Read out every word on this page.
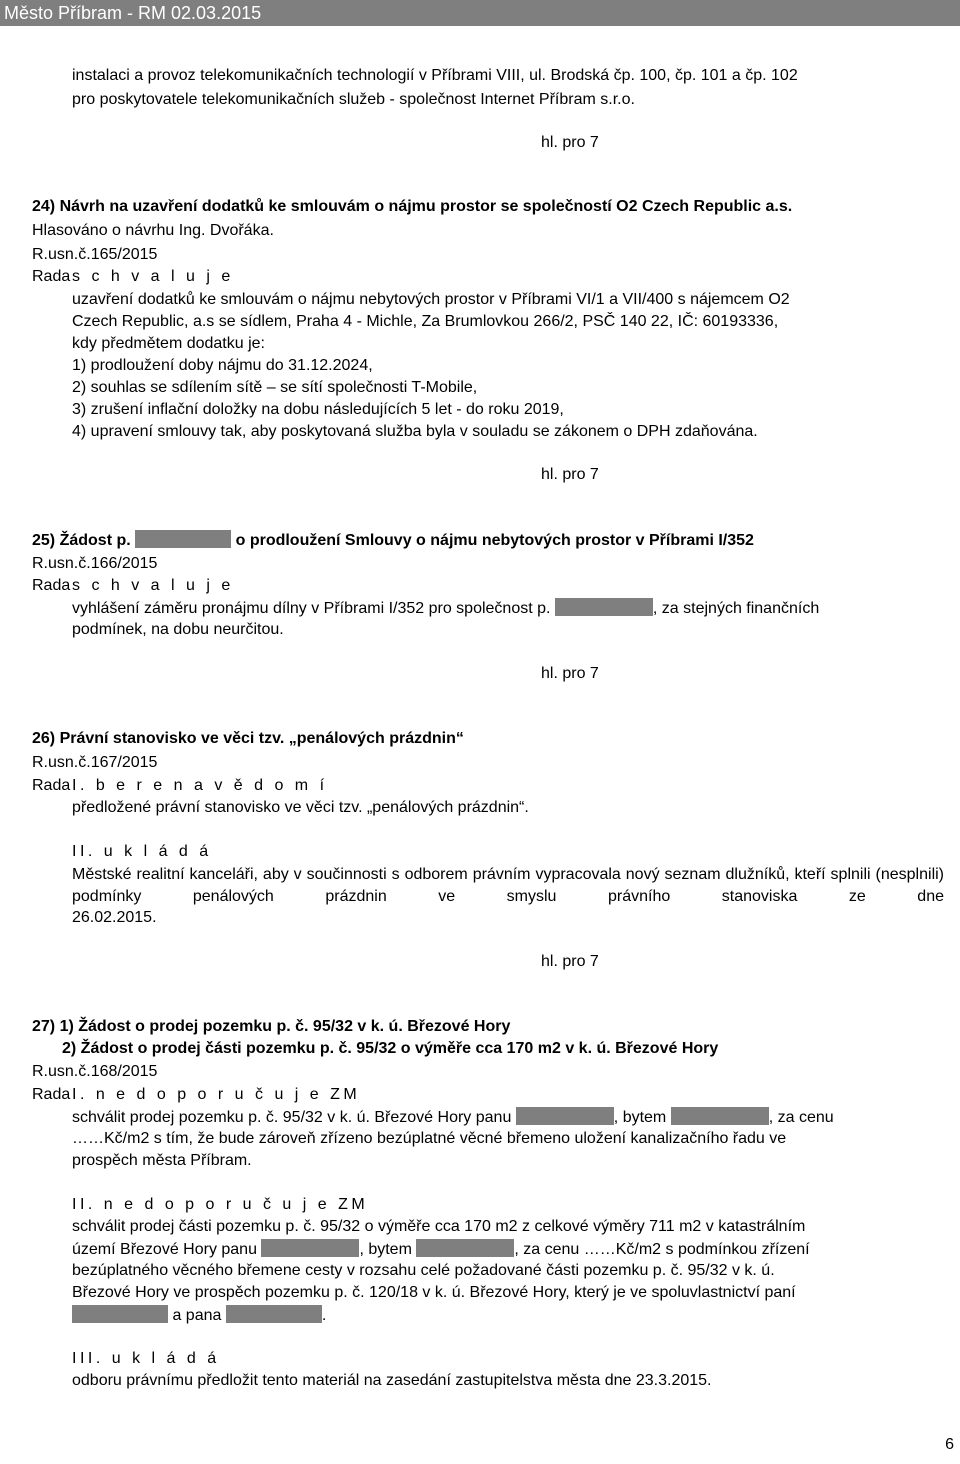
Město Příbram - RM 02.03.2015
instalaci a provoz telekomunikačních technologií v Příbrami VIII, ul. Brodská čp. 100, čp. 101 a čp. 102
pro poskytovatele telekomunikačních služeb - společnost Internet Příbram s.r.o.
hl. pro 7
24) Návrh na uzavření dodatků ke smlouvám o nájmu prostor se společností O2 Czech Republic a.s.
Hlasováno o návrhu Ing. Dvořáka.
R.usn.č.165/2015
Rada s c h v a l u j e
uzavření dodatků ke smlouvám o nájmu nebytových prostor v Příbrami VI/1 a VII/400 s nájemcem O2
Czech Republic, a.s se sídlem, Praha 4 - Michle, Za Brumlovkou 266/2, PSČ 140 22, IČ: 60193336,
kdy předmětem dodatku je:
1) prodloužení doby nájmu do 31.12.2024,
2) souhlas se sdílením sítě – se sítí společnosti T-Mobile,
3) zrušení inflační doložky na dobu následujících 5 let - do roku 2019,
4) upravení smlouvy tak, aby poskytovaná služba byla v souladu se zákonem o DPH zdaňována.
hl. pro 7
25) Žádost p.	o prodloužení Smlouvy o nájmu nebytových prostor v Příbrami I/352
R.usn.č.166/2015
Rada s c h v a l u j e
vyhlášení záměru pronájmu dílny v Příbrami I/352 pro společnost p.	, za stejných finančních
podmínek, na dobu neurčitou.
hl. pro 7
26) Právní stanovisko ve věci tzv. „penálových prázdnin“
R.usn.č.167/2015
Rada I. b e r e n a v ě d o m í
předložené právní stanovisko ve věci tzv. „penálových prázdnin“.
II. u k l á d á
Městské realitní kanceláři, aby v součinnosti s odborem právním vypracovala nový seznam dlužníků, kteří splnili (nesplnili) podmínky penálových prázdnin ve smyslu právního stanoviska ze dne
26.02.2015.
hl. pro 7
27) 1) Žádost o prodej pozemku p. č. 95/32 v k. ú. Březové Hory
2) Žádost o prodej části pozemku p. č. 95/32 o výměře cca 170 m2 v k. ú. Březové Hory
R.usn.č.168/2015
Rada I. n e d o p o r u č u j e ZM
schválit prodej pozemku p. č. 95/32 v k. ú. Březové Hory panu	, bytem	, za cenu
……Kč/m2 s tím, že bude zároveň zřízeno bezúplatné věcné břemeno uložení kanalizačního řadu ve
prospěch města Příbram.
II. n e d o p o r u č u j e ZM
schválit prodej části pozemku p. č. 95/32 o výměře cca 170 m2 z celkové výměry 711 m2 v katastrálním
území Březové Hory panu	, bytem	, za cenu ……Kč/m2 s podmínkou zřízení
bezúplatného věcného břemene cesty v rozsahu celé požadované části pozemku p. č. 95/32 v k. ú.
Březové Hory ve prospěch pozemku p. č. 120/18 v k. ú. Březové Hory, který je ve spoluvlastnictví paní
a pana	.
III. u k l á d á
odboru právnímu předložit tento materiál na zasedání zastupitelstva města dne 23.3.2015.
6
